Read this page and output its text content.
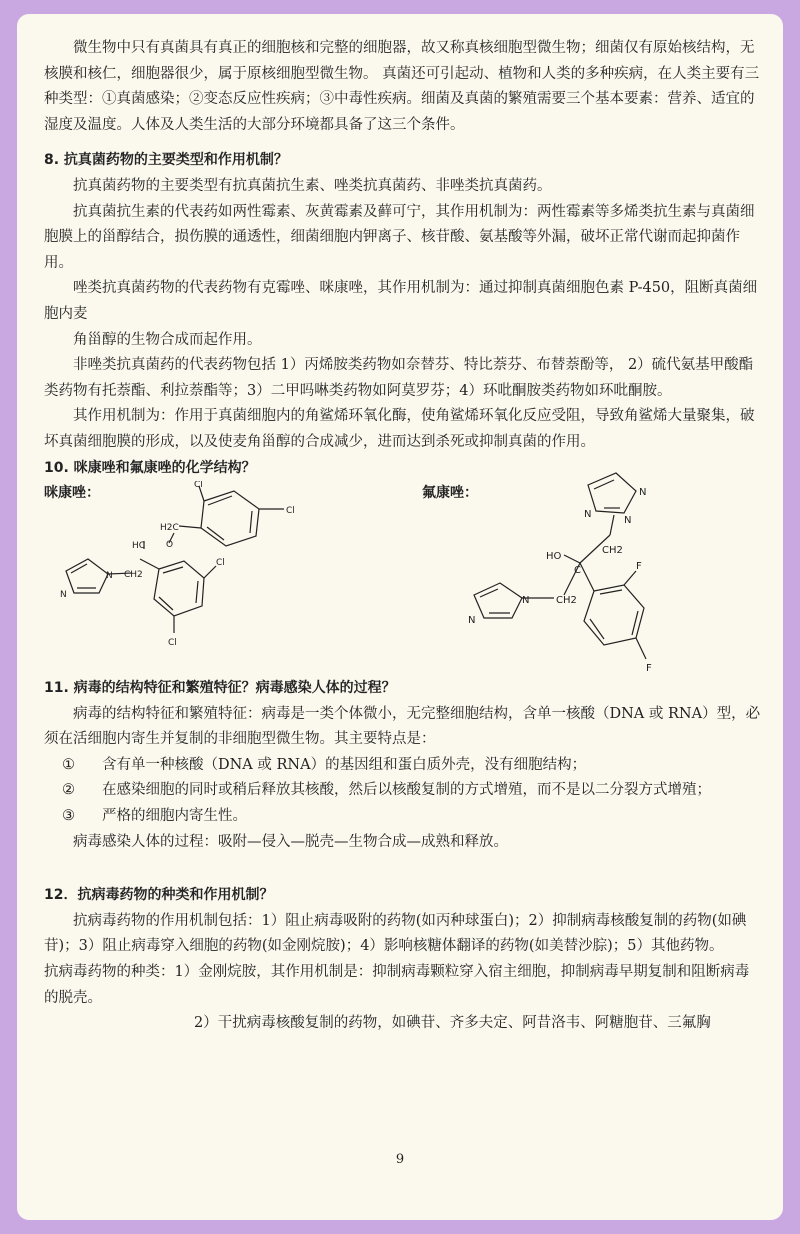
微生物中只有真菌具有真正的细胞核和完整的细胞器，故又称真核细胞型微生物；细菌仅有原始核结构，无核膜和核仁，细胞器很少，属于原核细胞型微生物。 真菌还可引起动、植物和人类的多种疾病，在人类主要有三种类型：①真菌感染；②变态反应性疾病；③中毒性疾病。细菌及真菌的繁殖需要三个基本要素：营养、适宜的湿度及温度。人体及人类生活的大部分环境都具备了这三个条件。

8. 抗真菌药物的主要类型和作用机制？

抗真菌药物的主要类型有抗真菌抗生素、唑类抗真菌药、非唑类抗真菌药。

抗真菌抗生素的代表药如两性霉素、灰黄霉素及藓可宁，其作用机制为：两性霉素等多烯类抗生素与真菌细胞膜上的甾醇结合，损伤膜的通透性，细菌细胞内钾离子、核苷酸、氨基酸等外漏，破坏正常代谢而起抑菌作用。

唑类抗真菌药物的代表药物有克霉唑、咪康唑，其作用机制为：通过抑制真菌细胞色素 P-450，阻断真菌细胞内麦

角甾醇的生物合成而起作用。

非唑类抗真菌药的代表药物包括 1）丙烯胺类药物如奈替芬、特比萘芬、布替萘酚等， 2）硫代氨基甲酸酯类药物有托萘酯、利拉萘酯等；3）二甲吗啉类药物如阿莫罗芬；4）环吡酮胺类药物如环吡酮胺。

其作用机制为：作用于真菌细胞内的角鲨烯环氧化酶，使角鲨烯环氧化反应受阻，导致角鲨烯大量聚集，破坏真菌细胞膜的形成，以及使麦角甾醇的合成减少，进而达到杀死或抑制真菌的作用。

10. 咪康唑和氟康唑的化学结构？

咪康唑：	氟康唑：
Cl
Cl
H2C
O
HC
Cl
Cl
CH2
N
N
N
N
N
HO
C
CH2
CH2
N
N
F
F

11. 病毒的结构特征和繁殖特征？病毒感染人体的过程？

病毒的结构特征和繁殖特征：病毒是一类个体微小，无完整细胞结构，含单一核酸（DNA 或 RNA）型，必须在活细胞内寄生并复制的非细胞型微生物。其主要特点是：

①	含有单一种核酸（DNA 或 RNA）的基因组和蛋白质外壳，没有细胞结构；
②	在感染细胞的同时或稍后释放其核酸，然后以核酸复制的方式增殖，而不是以二分裂方式增殖；
③	严格的细胞内寄生性。

病毒感染人体的过程：吸附—侵入—脱壳—生物合成—成熟和释放。

12．抗病毒药物的种类和作用机制？

抗病毒药物的作用机制包括：1）阻止病毒吸附的药物(如丙种球蛋白)；2）抑制病毒核酸复制的药物(如碘苷)；3）阻止病毒穿入细胞的药物(如金刚烷胺)；4）影响核糖体翻译的药物(如美替沙腙)；5）其他药物。

抗病毒药物的种类：1）金刚烷胺，其作用机制是：抑制病毒颗粒穿入宿主细胞，抑制病毒早期复制和阻断病毒的脱壳。

2）干扰病毒核酸复制的药物，如碘苷、齐多夫定、阿昔洛韦、阿糖胞苷、三氟胸

9
